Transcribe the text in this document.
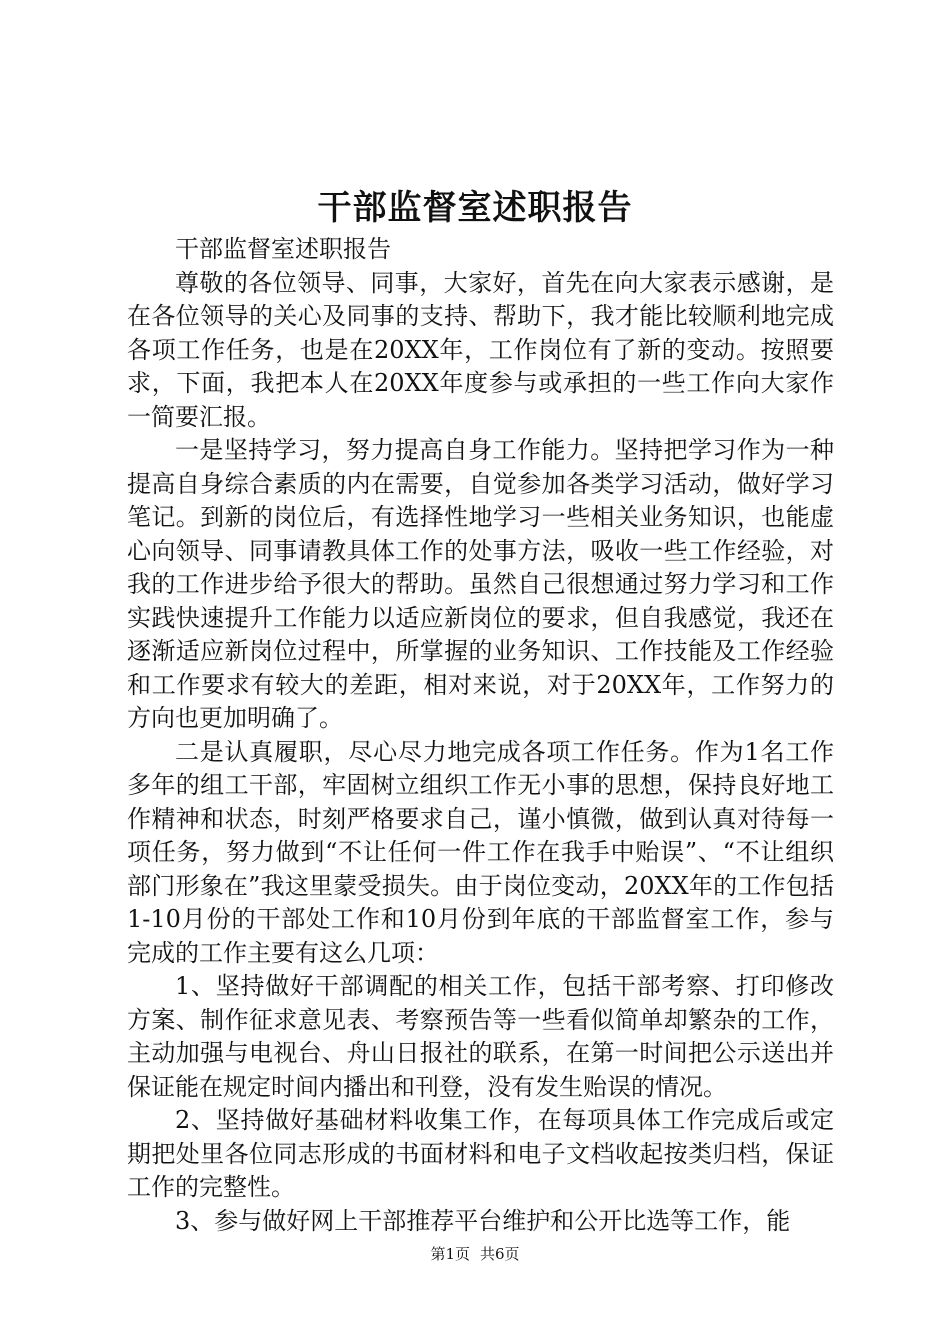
干部监督室述职报告

干部监督室述职报告

尊敬的各位领导、同事，大家好，首先在向大家表示感谢，是在各位领导的关心及同事的支持、帮助下，我才能比较顺利地完成各项工作任务，也是在20XX年，工作岗位有了新的变动。按照要求，下面，我把本人在20XX年度参与或承担的一些工作向大家作一简要汇报。

一是坚持学习，努力提高自身工作能力。坚持把学习作为一种提高自身综合素质的内在需要，自觉参加各类学习活动，做好学习笔记。到新的岗位后，有选择性地学习一些相关业务知识，也能虚心向领导、同事请教具体工作的处事方法，吸收一些工作经验，对我的工作进步给予很大的帮助。虽然自己很想通过努力学习和工作实践快速提升工作能力以适应新岗位的要求，但自我感觉，我还在逐渐适应新岗位过程中，所掌握的业务知识、工作技能及工作经验和工作要求有较大的差距，相对来说，对于20XX年，工作努力的方向也更加明确了。

二是认真履职，尽心尽力地完成各项工作任务。作为1名工作多年的组工干部，牢固树立组织工作无小事的思想，保持良好地工作精神和状态，时刻严格要求自己，谨小慎微，做到认真对待每一项任务，努力做到“不让任何一件工作在我手中贻误”、“不让组织部门形象在”我这里蒙受损失。由于岗位变动，20XX年的工作包括1-10月份的干部处工作和10月份到年底的干部监督室工作，参与完成的工作主要有这么几项：

1、坚持做好干部调配的相关工作，包括干部考察、打印修改方案、制作征求意见表、考察预告等一些看似简单却繁杂的工作，主动加强与电视台、舟山日报社的联系，在第一时间把公示送出并保证能在规定时间内播出和刊登，没有发生贻误的情况。

2、坚持做好基础材料收集工作，在每项具体工作完成后或定期把处里各位同志形成的书面材料和电子文档收起按类归档，保证工作的完整性。

3、参与做好网上干部推荐平台维护和公开比选等工作，能

第1页 共6页
